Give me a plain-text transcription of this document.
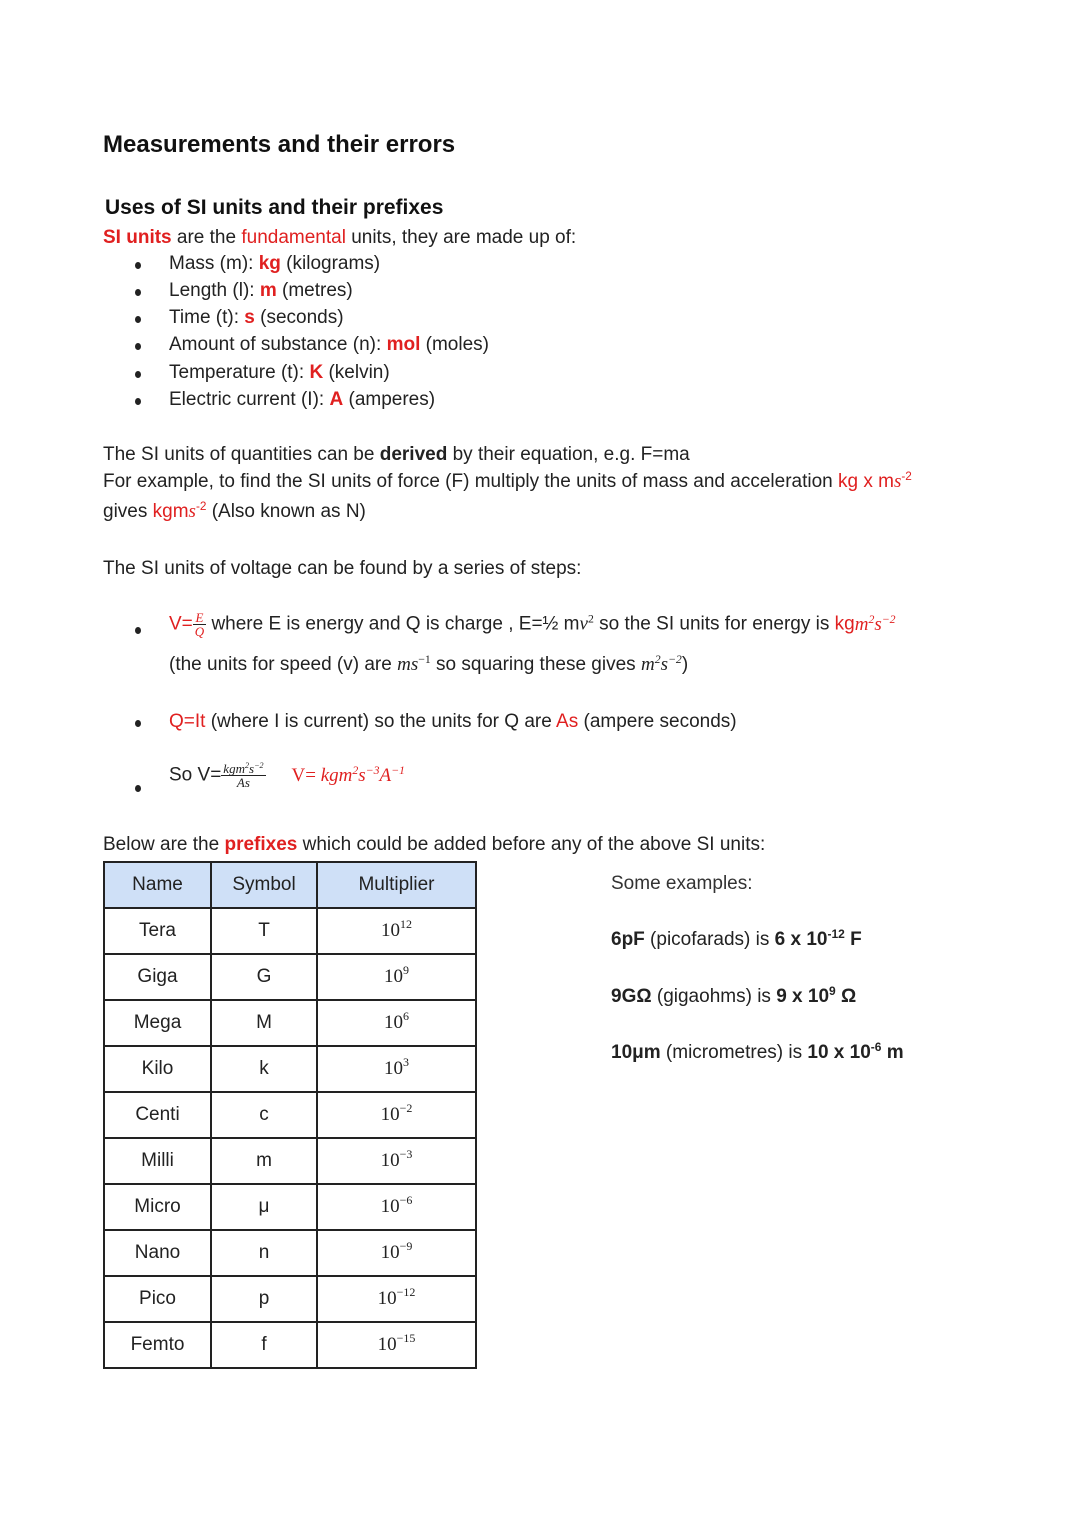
Measurements and their errors
Uses of SI units and their prefixes
SI units are the fundamental units, they are made up of:
Mass (m): kg (kilograms)
Length (l): m (metres)
Time (t): s (seconds)
Amount of substance (n): mol (moles)
Temperature (t): K (kelvin)
Electric current (I): A (amperes)
The SI units of quantities can be derived by their equation, e.g. F=ma
For example, to find the SI units of force (F) multiply the units of mass and acceleration kg x $ms^{-2}$
gives kgms$^{-2}$ (Also known as N)
The SI units of voltage can be found by a series of steps:
$V= \frac{E}{Q}$ where E is energy and Q is charge , E=½ $mv^2$ so the SI units for energy is $kgm^2s^{-2}$
(the units for speed (v) are $ms^{-1}$ so squaring these gives $m^2s^{-2}$)
Q=It (where I is current) so the units for Q are As (ampere seconds)
So $V= \frac{kgm^2s^{-2}}{As} V= kgm^2s^{-3}A^{-1}$
Below are the prefixes which could be added before any of the above SI units:
Name	Symbol	Multiplier
Tera	T	$10^{12}$
Giga	G	$10^9$
Mega	M	$10^6$
Kilo	k	$10^3$
Centi	c	$10^{-2}$
Milli	m	$10^{-3}$
Micro	μ	$10^{-6}$
Nano	n	$10^{-9}$
Pico	p	$10^{-12}$
Femto	f	$10^{-15}$
Some examples:
6pF (picofarads) is 6 x $10^{-12}$ F
9GΩ (gigaohms) is 9 x $10^9$ Ω
10μm (micrometres) is 10 x $10^{-6}$ m
